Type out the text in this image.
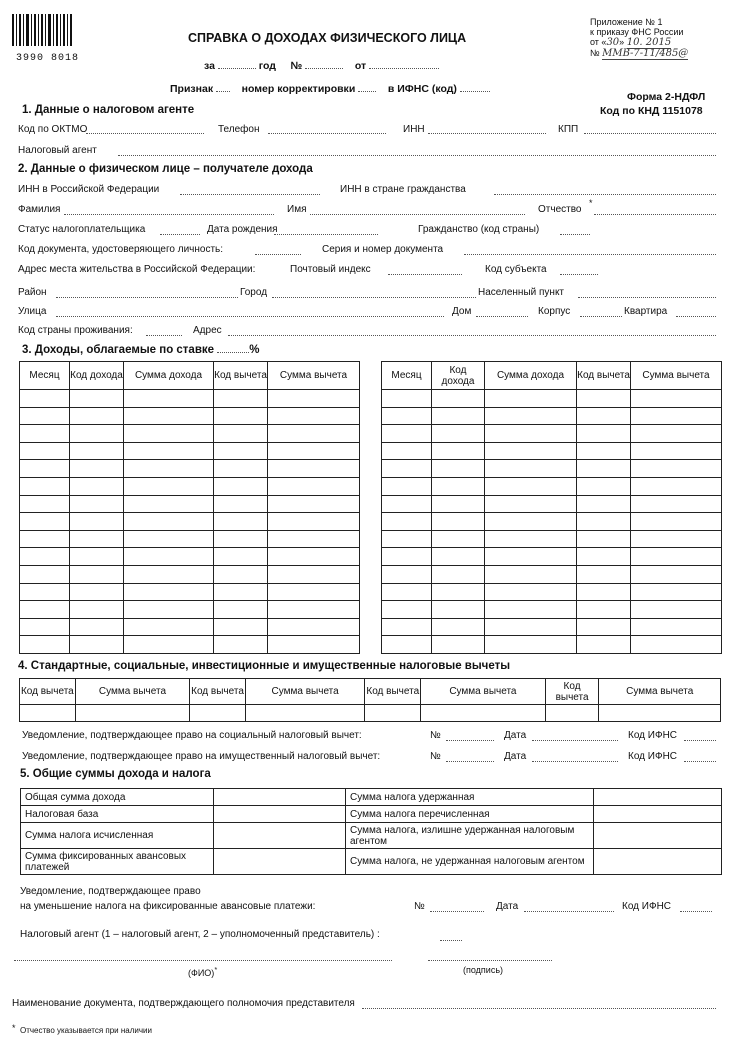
3990 8018
СПРАВКА О ДОХОДАХ ФИЗИЧЕСКОГО ЛИЦА
за	год №	от
Признак	номер корректировки	в ИФНС (код)
Приложение № 1
к приказу ФНС России
от «30» 10. 2015
№ ММВ-7-11/485@
Форма 2-НДФЛ
Код по КНД 1151078
1. Данные о налоговом агенте
Код по ОКТМО	Телефон	ИНН	КПП
Налоговый агент
2. Данные о физическом лице – получателе дохода
ИНН в Российской Федерации	ИНН в стране гражданства
Фамилия	Имя	Отчество
*
Статус налогоплательщика	Дата рождения	Гражданство (код страны)
Код документа, удостоверяющего личность:	Серия и номер документа
Адрес места жительства в Российской Федерации:	Почтовый индекс	Код субъекта
Район	Город	Населенный пункт
Улица	Дом	Корпус	Квартира
Код страны проживания:	Адрес
3. Доходы, облагаемые по ставке	%
Месяц	Код дохода	Сумма дохода	Код вычета	Сумма вычета

					Месяц	Код дохода	Сумма дохода	Код вычета	Сумма вычета

4. Стандартные, социальные, инвестиционные и имущественные налоговые вычеты
Код вычета	Сумма вычета	Код вычета	Сумма вычета	Код вычета	Сумма вычета	Код вычета	Сумма вычета

Уведомление, подтверждающее право на социальный налоговый вычет:
Уведомление, подтверждающее право на имущественный налоговый вычет:
№	Дата	Код ИФНС
№	Дата	Код ИФНС
5. Общие суммы дохода и налога
Общая сумма дохода		Сумма налога удержанная	
Налоговая база		Сумма налога перечисленная	
Сумма налога исчисленная		Сумма налога, излишне удержанная налоговым агентом	
Сумма фиксированных авансовых платежей		Сумма налога, не удержанная налоговым агентом	
Уведомление, подтверждающее право
на уменьшение налога на фиксированные авансовые платежи:	№	Дата	Код ИФНС
Налоговый агент (1 – налоговый агент, 2 – уполномоченный представитель) :
(ФИО)*	(подпись)
Наименование документа, подтверждающего полномочия представителя
* Отчество указывается при наличии
